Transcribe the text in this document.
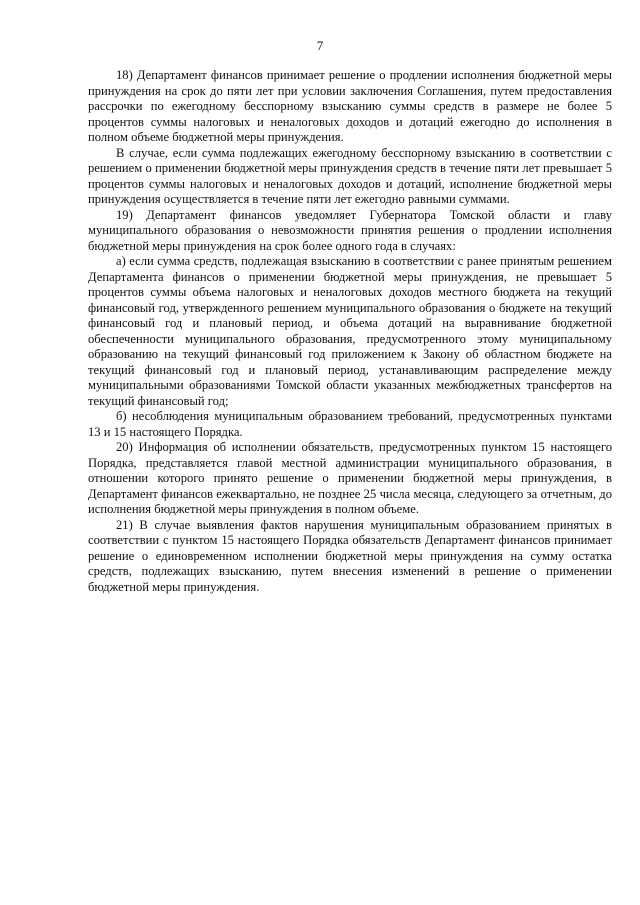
7

18) Департамент финансов принимает решение о продлении исполнения бюджетной меры принуждения на срок до пяти лет при условии заключения Соглашения, путем предоставления рассрочки по ежегодному бесспорному взысканию суммы средств в размере не более 5 процентов суммы налоговых и неналоговых доходов и дотаций ежегодно до исполнения в полном объеме бюджетной меры принуждения.

В случае, если сумма подлежащих ежегодному бесспорному взысканию в соответствии с решением о применении бюджетной меры принуждения средств в течение пяти лет превышает 5 процентов суммы налоговых и неналоговых доходов и дотаций, исполнение бюджетной меры принуждения осуществляется в течение пяти лет ежегодно равными суммами.

19) Департамент финансов уведомляет Губернатора Томской области и главу муниципального образования о невозможности принятия решения о продлении исполнения бюджетной меры принуждения на срок более одного года в случаях:

а) если сумма средств, подлежащая взысканию в соответствии с ранее принятым решением Департамента финансов о применении бюджетной меры принуждения, не превышает 5 процентов суммы объема налоговых и неналоговых доходов местного бюджета на текущий финансовый год, утвержденного решением муниципального образования о бюджете на текущий финансовый год и плановый период, и объема дотаций на выравнивание бюджетной обеспеченности муниципального образования, предусмотренного этому муниципальному образованию на текущий финансовый год приложением к Закону об областном бюджете на текущий финансовый год и плановый период, устанавливающим распределение между муниципальными образованиями Томской области указанных межбюджетных трансфертов на текущий финансовый год;

б) несоблюдения муниципальным образованием требований, предусмотренных пунктами 13 и 15 настоящего Порядка.

20) Информация об исполнении обязательств, предусмотренных пунктом 15 настоящего Порядка, представляется главой местной администрации муниципального образования, в отношении которого принято решение о применении бюджетной меры принуждения, в Департамент финансов ежеквартально, не позднее 25 числа месяца, следующего за отчетным, до исполнения бюджетной меры принуждения в полном объеме.

21) В случае выявления фактов нарушения муниципальным образованием принятых в соответствии с пунктом 15 настоящего Порядка обязательств Департамент финансов принимает решение о единовременном исполнении бюджетной меры принуждения на сумму остатка средств, подлежащих взысканию, путем внесения изменений в решение о применении бюджетной меры принуждения.
